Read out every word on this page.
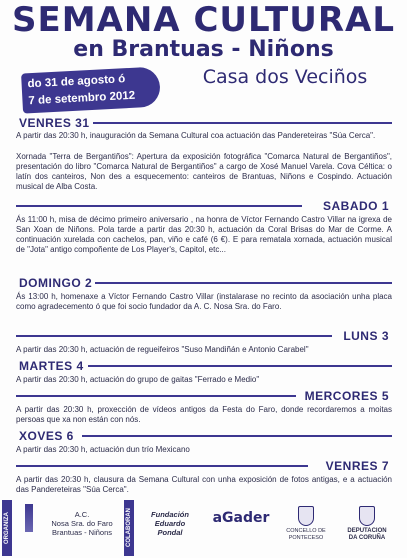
SEMANA CULTURAL
en Brantuas - Niñons
do 31 de agosto ó
7 de setembro 2012
Casa dos Veciños
VENRES 31
A partir das 20:30 h, inauguración da Semana Cultural coa actuación das Pandereteiras "Súa Cerca".
Xornada "Terra de Bergantiños": Apertura da exposición fotográfica "Comarca Natural de Bergantiños", presentación do libro "Comarca Natural de Bergantiños" a cargo de Xosé Manuel Varela. Cova Céltica: o latín dos canteiros, Non des a esquecemento: canteiros de Brantuas, Niñons e Cospindo. Actuación musical de Alba Costa.
SABADO 1
Ás 11:00 h, misa de décimo primeiro aniversario , na honra de Víctor Fernando Castro Villar na igrexa de San Xoan de Niñons. Pola tarde a partir das 20:30 h, actuación da Coral Brisas do Mar de Corme. A continuación xurelada con cachelos, pan, viño e café (6 €). E para rematala xornada, actuación musical de "Jota" antigo compoñente de Los Player's, Capitol, etc...
DOMINGO 2
Ás 13:00 h, homenaxe a Víctor Fernando Castro Villar (instalarase no recinto da asociación unha placa como agradecemento ó que foi socio fundador da A. C. Nosa Sra. do Faro.
LUNS 3
A partir das 20:30 h, actuación de regueifeiros "Suso Mandiñán e Antonio Carabel"
MARTES 4
A partir das 20:30 h, actuación do grupo de gaitas "Ferrado e Medio"
MERCORES 5
A partir das 20:30 h, proxección de vídeos antigos da Festa do Faro, donde recordaremos a moitas persoas que xa non están con nós.
XOVES 6
A partir das 20:30 h, actuación dun trío Mexicano
VENRES 7
A partir das 20:30 h, clausura da Semana Cultural con unha exposición de fotos antigas, e a actuación das Pandereteiras "Súa Cerca".
ORGANIZA	A.C.
Nosa Sra. do Faro
Brantuas - Niñons	COLABORAN	Fundación
Eduardo
Pondal
aGader
CONCELLO DE
PONTECESO
DEPUTACION
DA CORUÑA
